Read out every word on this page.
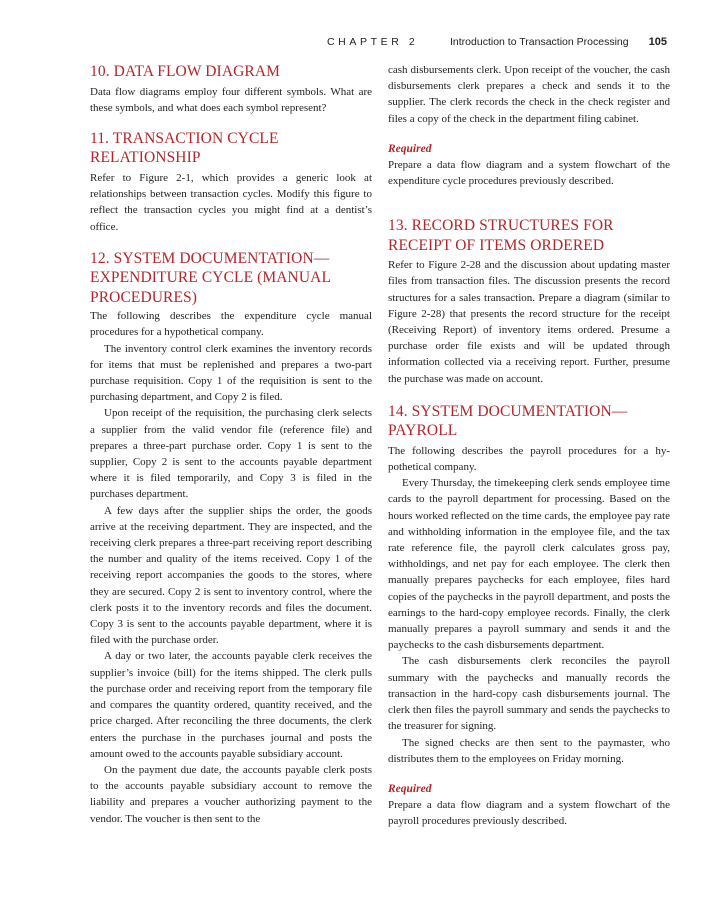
CHAPTER 2	Introduction to Transaction Processing 105
10. DATA FLOW DIAGRAM

Data flow diagrams employ four different symbols. What are these symbols, and what does each symbol represent?

11. TRANSACTION CYCLE
RELATIONSHIP

Refer to Figure 2-1, which provides a generic look at relationships between transaction cycles. Modify this figure to reflect the transaction cycles you might find at a dentist’s office.

12. SYSTEM DOCUMENTATION—
EXPENDITURE CYCLE (MANUAL
PROCEDURES)

The following describes the expenditure cycle manual procedures for a hypothetical company.

The inventory control clerk examines the inventory records for items that must be replenished and prepares a two-part purchase requisition. Copy 1 of the requisition is sent to the purchasing department, and Copy 2 is filed.

Upon receipt of the requisition, the purchasing clerk selects a supplier from the valid vendor file (reference file) and prepares a three-part purchase order. Copy 1 is sent to the supplier, Copy 2 is sent to the accounts payable department where it is filed temporarily, and Copy 3 is filed in the purchases department.

A few days after the supplier ships the order, the goods arrive at the receiving department. They are inspected, and the receiving clerk prepares a three-part receiving report describing the number and quality of the items received. Copy 1 of the receiving report accompanies the goods to the stores, where they are secured. Copy 2 is sent to inventory control, where the clerk posts it to the inventory records and files the document. Copy 3 is sent to the accounts payable department, where it is filed with the purchase order.

A day or two later, the accounts payable clerk receives the supplier’s invoice (bill) for the items shipped. The clerk pulls the purchase order and receiving report from the temporary file and compares the quantity ordered, quantity received, and the price charged. After reconciling the three documents, the clerk enters the purchase in the purchases journal and posts the amount owed to the accounts payable subsidiary account.

On the payment due date, the accounts payable clerk posts to the accounts payable subsidiary account to remove the liability and prepares a voucher authorizing payment to the vendor. The voucher is then sent to the

cash disbursements clerk. Upon receipt of the voucher, the cash disbursements clerk prepares a check and sends it to the supplier. The clerk records the check in the check register and files a copy of the check in the department filing cabinet.

Required

Prepare a data flow diagram and a system flowchart of the expenditure cycle procedures previously described.

13. RECORD STRUCTURES FOR
RECEIPT OF ITEMS ORDERED

Refer to Figure 2-28 and the discussion about updating master files from transaction files. The discussion presents the record structures for a sales transaction. Prepare a diagram (similar to Figure 2-28) that presents the record structure for the receipt (Receiving Report) of inventory items ordered. Presume a purchase order file exists and will be updated through information collected via a receiving report. Further, presume the purchase was made on account.

14. SYSTEM DOCUMENTATION—
PAYROLL

The following describes the payroll procedures for a hypothetical company.

Every Thursday, the timekeeping clerk sends employee time cards to the payroll department for processing. Based on the hours worked reflected on the time cards, the employee pay rate and withholding information in the employee file, and the tax rate reference file, the payroll clerk calculates gross pay, withholdings, and net pay for each employee. The clerk then manually prepares paychecks for each employee, files hard copies of the paychecks in the payroll department, and posts the earnings to the hard-copy employee records. Finally, the clerk manually prepares a payroll summary and sends it and the paychecks to the cash disbursements department.

The cash disbursements clerk reconciles the payroll summary with the paychecks and manually records the transaction in the hard-copy cash disbursements journal. The clerk then files the payroll summary and sends the paychecks to the treasurer for signing.

The signed checks are then sent to the paymaster, who distributes them to the employees on Friday morning.

Required

Prepare a data flow diagram and a system flowchart of the payroll procedures previously described.
